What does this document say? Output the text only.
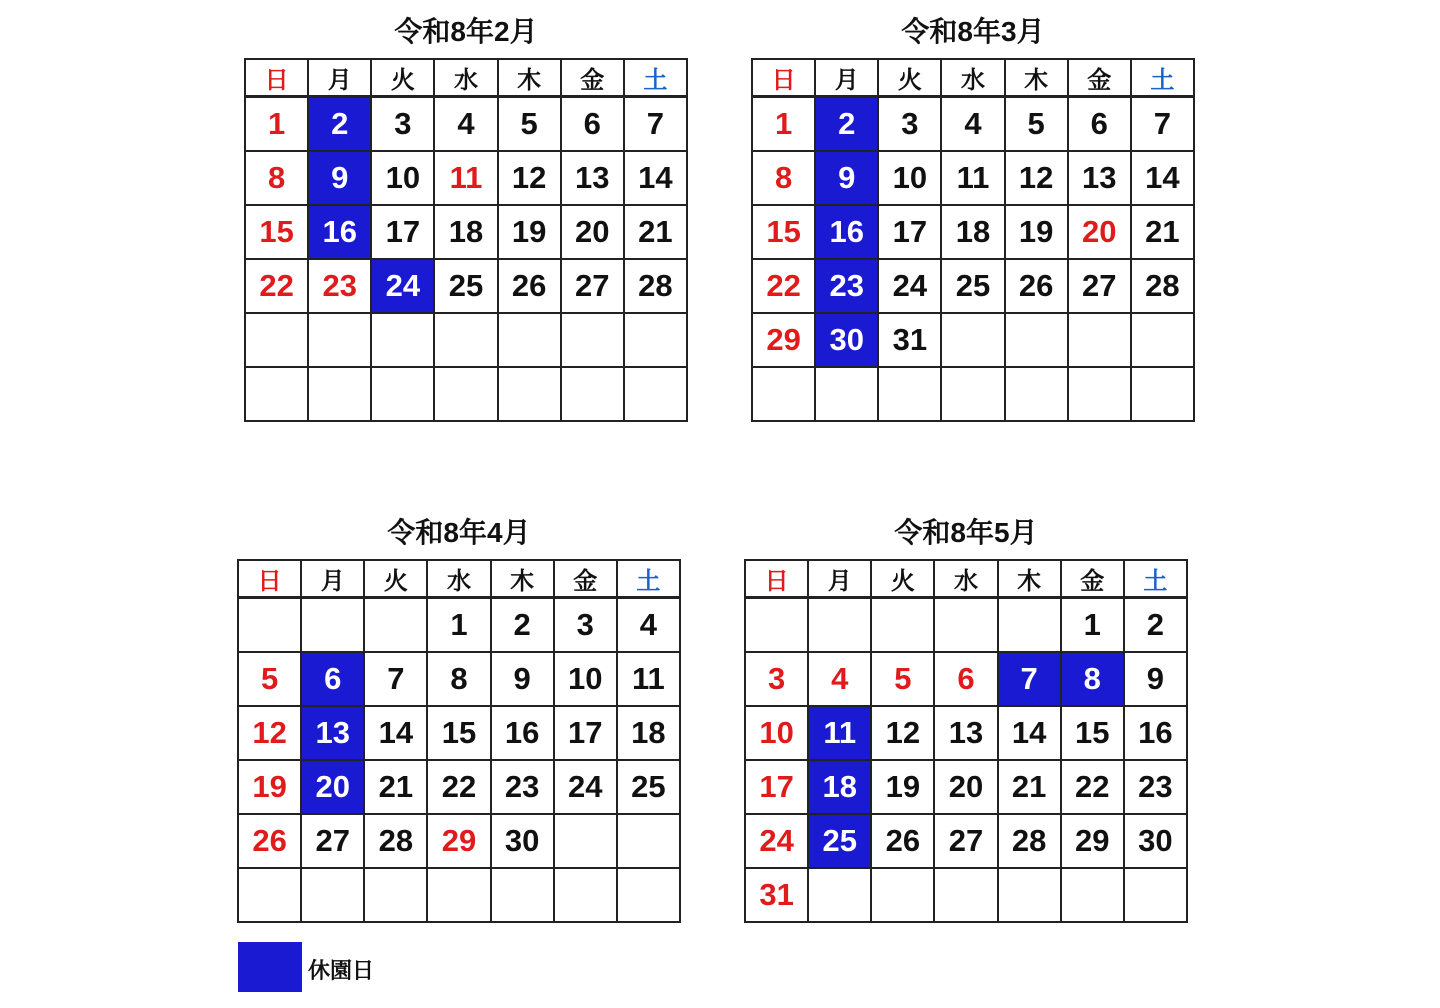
令和8年2月
日	月	火	水	木	金	土
1	2	3	4	5	6	7
8	9	10	11	12	13	14
15	16	17	18	19	20	21
22	23	24	25	26	27	28

令和8年3月
日	月	火	水	木	金	土
1	2	3	4	5	6	7
8	9	10	11	12	13	14
15	16	17	18	19	20	21
22	23	24	25	26	27	28
29	30	31				

令和8年4月
日	月	火	水	木	金	土
			1	2	3	4
5	6	7	8	9	10	11
12	13	14	15	16	17	18
19	20	21	22	23	24	25
26	27	28	29	30		

令和8年5月
日	月	火	水	木	金	土
					1	2
3	4	5	6	7	8	9
10	11	12	13	14	15	16
17	18	19	20	21	22	23
24	25	26	27	28	29	30
31						
休園日
